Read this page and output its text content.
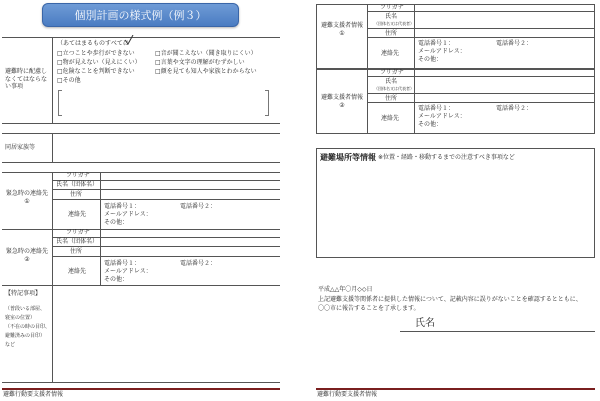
個別計画の様式例（例３）
避難時に配慮しなくてはならない事項
（あてはまるものすべてに
□立つことや歩行ができない	□音が聞こえない（聞き取りにくい）
□物が見えない（見えにくい） □言葉や文字の理解がむずかしい
□危険なことを判断できない	□顔を見ても知人や家族とわからない
□その他
同居家族等
緊急時の連絡先
①
フリガナ
氏名（団体名）
住所
連絡先
電話番号１：	電話番号２：
メールアドレス：
その他：
緊急時の連絡先
②
フリガナ
氏名（団体名）
住所
連絡先
電話番号１：	電話番号２：
メールアドレス：
その他：
【特記事項】
（普段いる部屋、
寝室の位置）
（不在の時の目印、
避難済みの目印）
など
避難行動要支援者情報
避難支援者情報
①
フリガナ
氏名
（団体名又は代表者）
住所
連絡先
電話番号１：	電話番号２：
メールアドレス：
その他：
避難支援者情報
②
フリガナ
氏名
（団体名又は代表者）
住所
連絡先
電話番号１：	電話番号２：
メールアドレス：
その他：
避難場所等情報 ※位置・経路・移動するまでの注意すべき事項など
平成△△年〇月◇◇日
上記避難支援等関係者に提供した情報について、記載内容に誤りがないことを確認するとともに、
〇〇市に報告することを了承します。
氏名
避難行動要支援者情報
